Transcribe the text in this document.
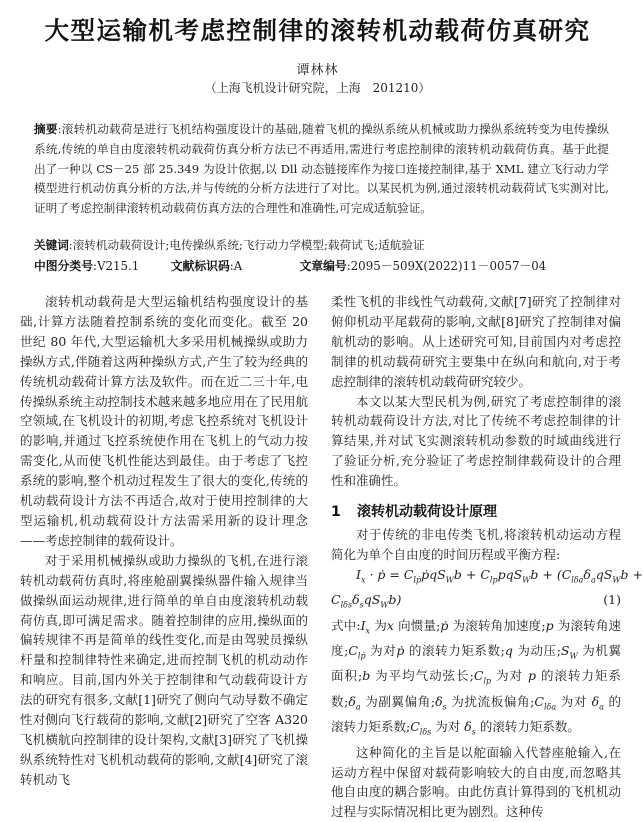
大型运输机考虑控制律的滚转机动载荷仿真研究
谭林林
（上海飞机设计研究院，上海　201210）
摘要:滚转机动载荷是进行飞机结构强度设计的基础,随着飞机的操纵系统从机械或助力操纵系统转变为电传操纵系统,传统的单自由度滚转机动载荷仿真分析方法已不再适用,需进行考虑控制律的滚转机动载荷仿真。基于此提出了一种以 CS－25 部 25.349 为设计依据,以 Dll 动态链接库作为接口连接控制律,基于 XML 建立飞行动力学模型进行机动仿真分析的方法,并与传统的分析方法进行了对比。以某民机为例,通过滚转机动载荷试飞实测对比,证明了考虑控制律滚转机动载荷仿真方法的合理性和准确性,可完成适航验证。
关键词:滚转机动载荷设计;电传操纵系统;飞行动力学模型;载荷试飞;适航验证
中图分类号:V215.1	文献标识码:A	文章编号:2095－509X(2022)11－0057－04

滚转机动载荷是大型运输机结构强度设计的基础,计算方法随着控制系统的变化而变化。截至 20 世纪 80 年代,大型运输机大多采用机械操纵或助力操纵方式,伴随着这两种操纵方式,产生了较为经典的传统机动载荷计算方法及软件。而在近二三十年,电传操纵系统主动控制技术越来越多地应用在了民用航空领域,在飞机设计的初期,考虑飞控系统对飞机设计的影响,并通过飞控系统使作用在飞机上的气动力按需变化,从而使飞机性能达到最佳。由于考虑了飞控系统的影响,整个机动过程发生了很大的变化,传统的机动载荷设计方法不再适合,故对于使用控制律的大型运输机,机动载荷设计方法需采用新的设计理念——考虑控制律的载荷设计。

对于采用机械操纵或助力操纵的飞机,在进行滚转机动载荷仿真时,将座舱副翼操纵器件输入规律当做操纵面运动规律,进行简单的单自由度滚转机动载荷仿真,即可满足需求。随着控制律的应用,操纵面的偏转规律不再是简单的线性变化,而是由驾驶员操纵杆量和控制律特性来确定,进而控制飞机的机动动作和响应。目前,国内外关于控制律和气动载荷设计方法的研究有很多,文献[1]研究了侧向气动导数不确定性对侧向飞行载荷的影响,文献[2]研究了空客 A320 飞机横航向控制律的设计架构,文献[3]研究了飞机操纵系统特性对飞机机动载荷的影响,文献[4]研究了滚转机动飞

柔性飞机的非线性气动载荷,文献[7]研究了控制律对俯仰机动平尾载荷的影响,文献[8]研究了控制律对偏航机动的影响。从上述研究可知,目前国内对考虑控制律的机动载荷研究主要集中在纵向和航向,对于考虑控制律的滚转机动载荷研究较少。

本文以某大型民机为例,研究了考虑控制律的滚转机动载荷设计方法,对比了传统不考虑控制律的计算结果,并对试飞实测滚转机动参数的时域曲线进行了验证分析,充分验证了考虑控制律载荷设计的合理性和准确性。

1 滚转机动载荷设计原理

对于传统的非电传类飞机,将滚转机动运动方程简化为单个自由度的时间历程或平衡方程:

$I_x$ · ṗ = $C_{lṗ}ṗqS_Wb + C_{lp}pqS_Wb + (C_{l\delta a}\delta_aqS_Wb$ +
$C_{l\delta s}\delta_sqS_Wb$)	(1)

式中$:I_x$ 为x 向惯量;ṗ 为滚转角加速度;p 为滚转角速度$;C_{lṗ}$ 为对ṗ 的滚转力矩系数;q 为动压$;S_W$ 为机翼面积;b 为平均气动弦长$;C_{lp}$ 为对 p 的滚转力矩系数$;\delta_a$ 为副翼偏角$;\delta_s$ 为扰流板偏角$;C_{l\delta a}$ 为对 $\delta_a$ 的滚转力矩系数$;C_{l\delta s}$ 为对 $\delta_s$ 的滚转力矩系数。

这种简化的主旨是以舵面输入代替座舱输入,在运动方程中保留对载荷影响较大的自由度,而忽略其他自由度的耦合影响。由此仿真计算得到的飞机机动过程与实际情况相比更为剧烈。这种传
